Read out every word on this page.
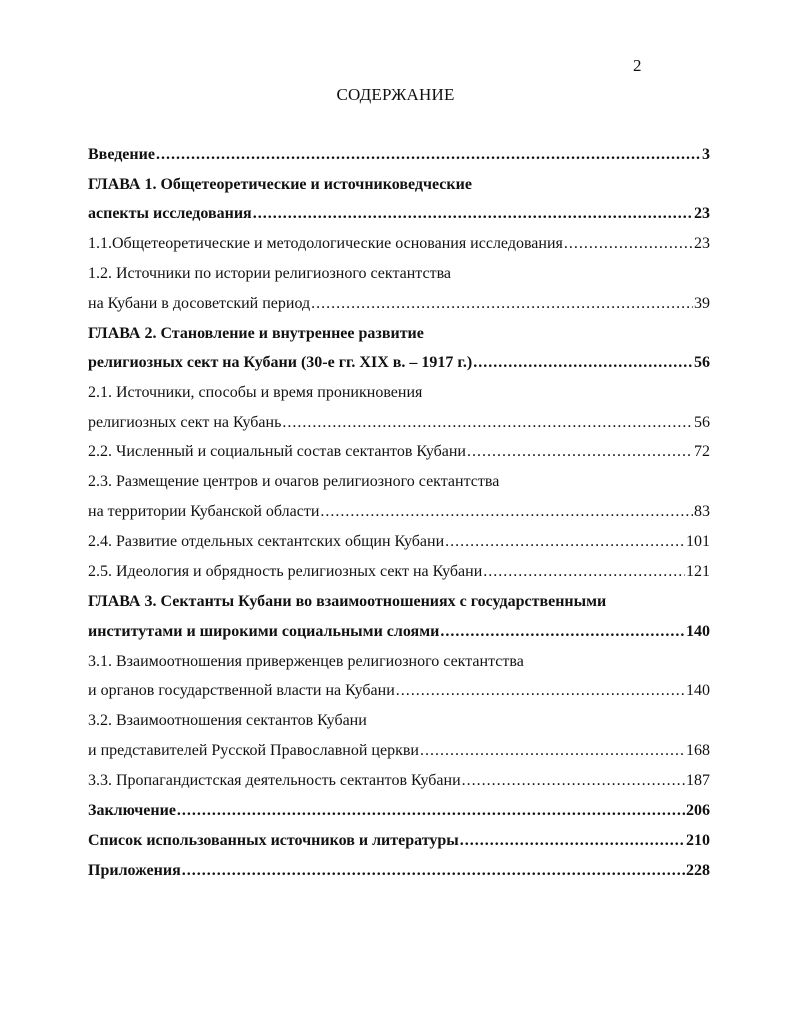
2
СОДЕРЖАНИЕ
Введение .....	3
ГЛАВА 1. Общетеоретические и источниковедческие
аспекты исследования .....	23
1.1.Общетеоретические и методологические основания исследования .....	23
1.2. Источники по истории религиозного сектантства
на Кубани в досоветский период .....	39
ГЛАВА 2. Становление и внутреннее развитие
религиозных сект на Кубани (30-е гг. XIX в. – 1917 г.) .....	56
2.1. Источники, способы и время проникновения
религиозных сект на Кубань .....	56
2.2. Численный и социальный состав сектантов Кубани .....	72
2.3. Размещение центров и очагов религиозного сектантства
на территории Кубанской области .....	83
2.4. Развитие отдельных сектантских общин Кубани .....	101
2.5. Идеология и обрядность религиозных сект на Кубани .....	121
ГЛАВА 3. Сектанты Кубани во взаимоотношениях с государственными
институтами и широкими социальными слоями .....	140
3.1. Взаимоотношения приверженцев религиозного сектантства
и органов государственной власти на Кубани .....	140
3.2. Взаимоотношения сектантов Кубани
и представителей Русской Православной церкви .....	168
3.3. Пропагандистская деятельность сектантов Кубани .....	187
Заключение .....	206
Список использованных источников и литературы .....	210
Приложения .....	228
